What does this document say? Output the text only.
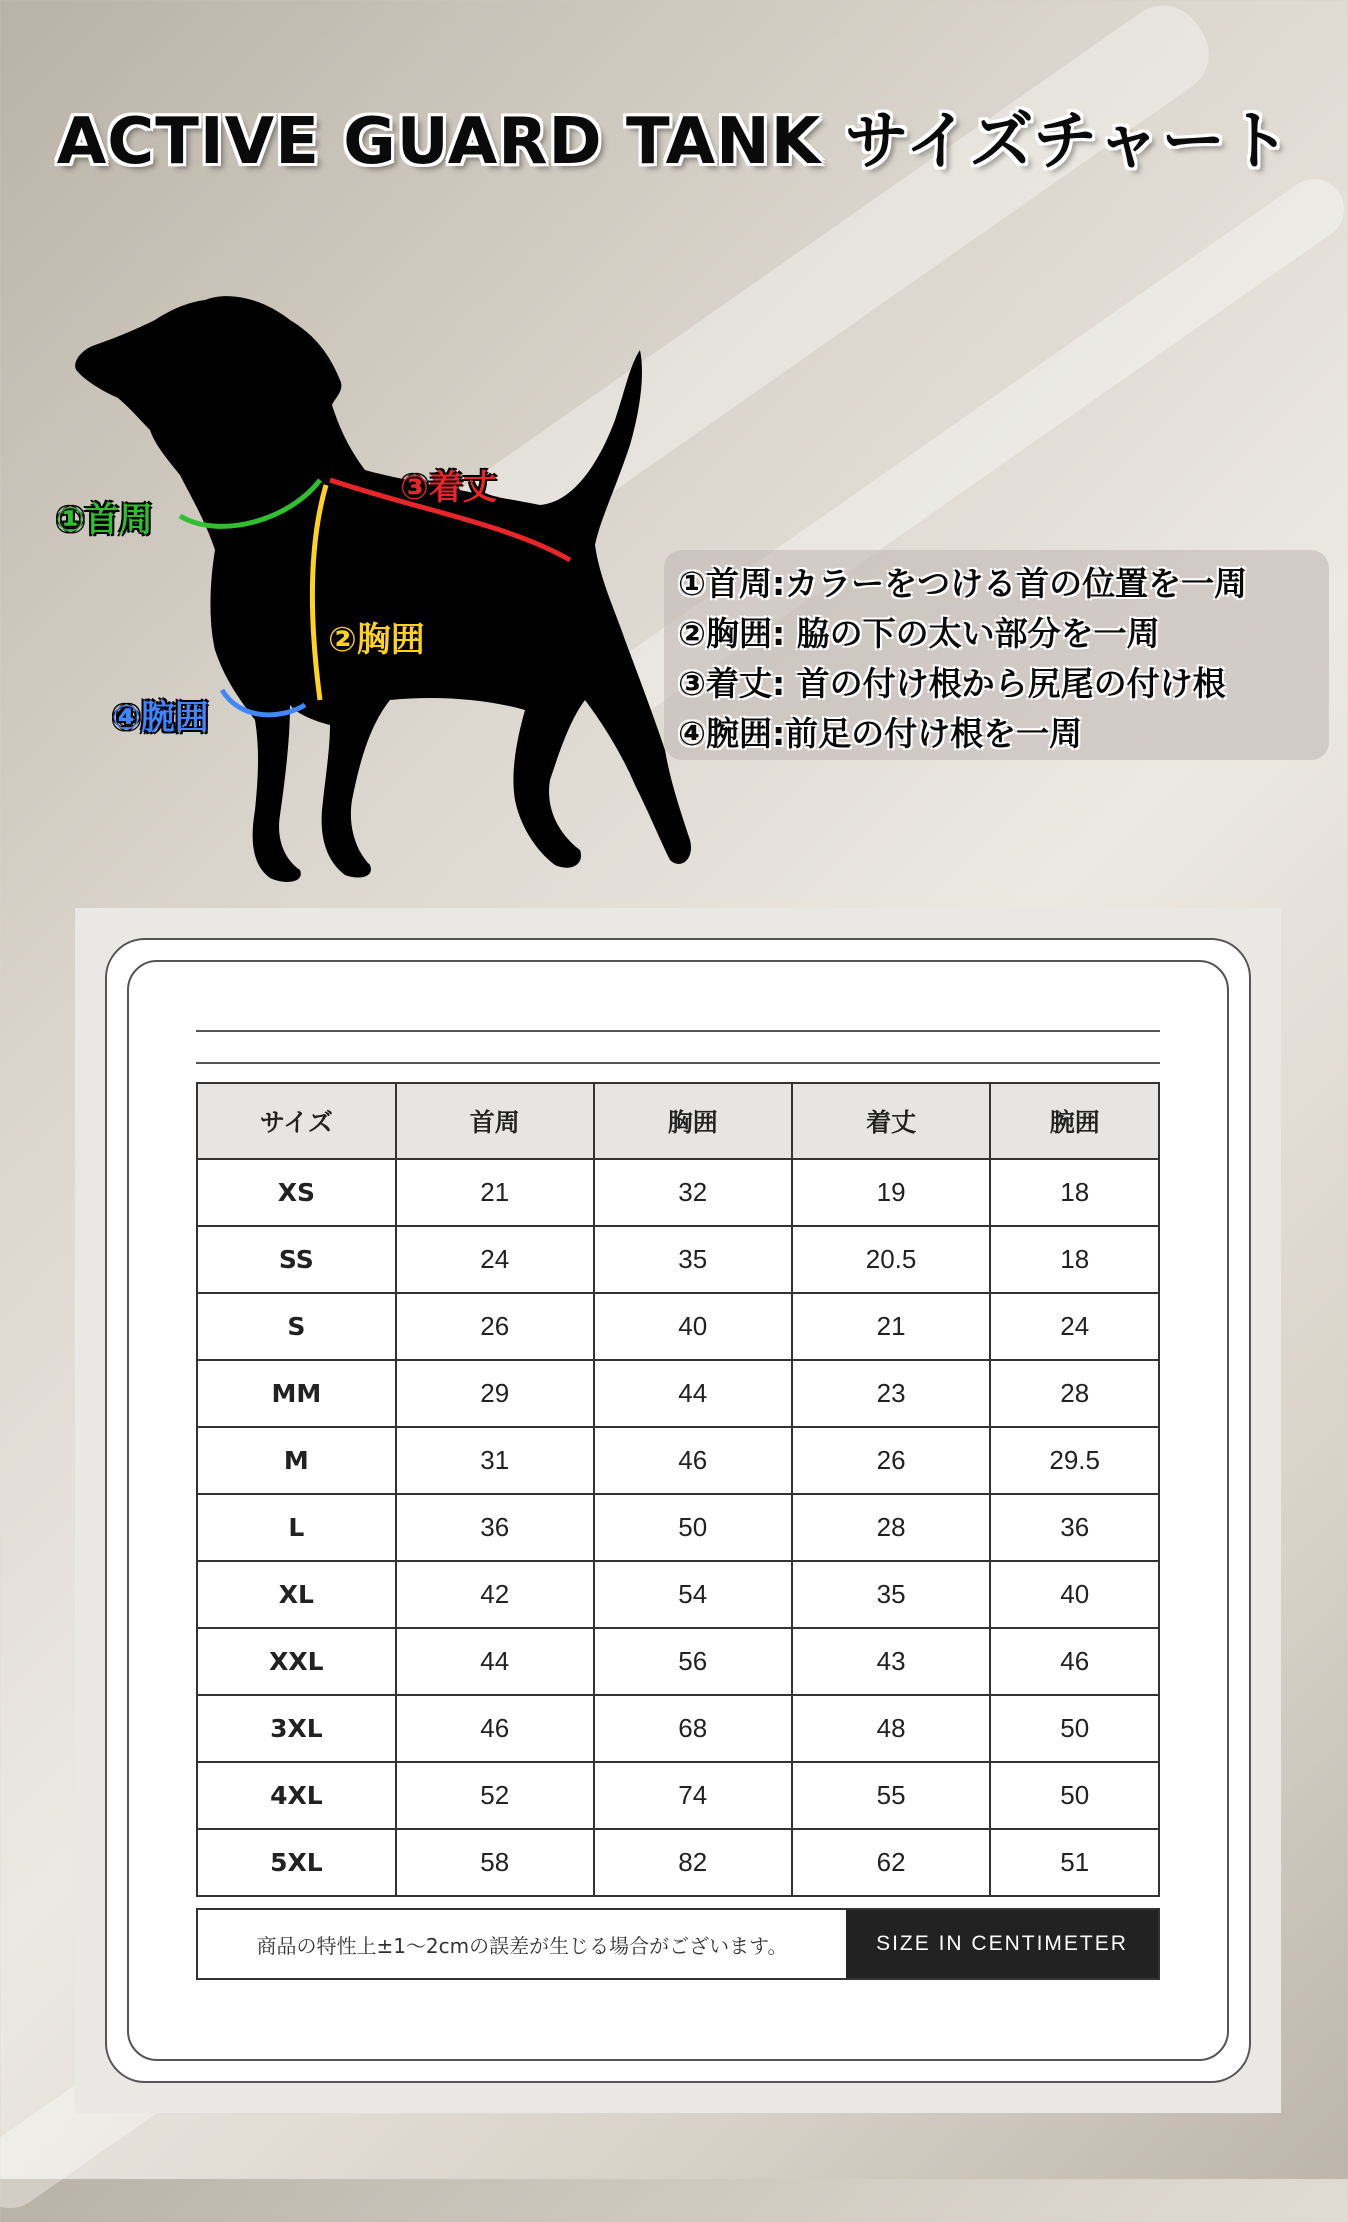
ACTIVE GUARD TANK サイズチャート
①首周
②胸囲
③着丈
④腕囲
①首周:カラーをつける首の位置を一周
②胸囲: 脇の下の太い部分を一周
③着丈: 首の付け根から尻尾の付け根
④腕囲:前足の付け根を一周
サイズ	首周	胸囲	着丈	腕囲
XS	21	32	19	18
SS	24	35	20.5	18
S	26	40	21	24
MM	29	44	23	28
M	31	46	26	29.5
L	36	50	28	36
XL	42	54	35	40
XXL	44	56	43	46
3XL	46	68	48	50
4XL	52	74	55	50
5XL	58	82	62	51
商品の特性上±1～2cmの誤差が生じる場合がございます。	SIZE IN CENTIMETER
